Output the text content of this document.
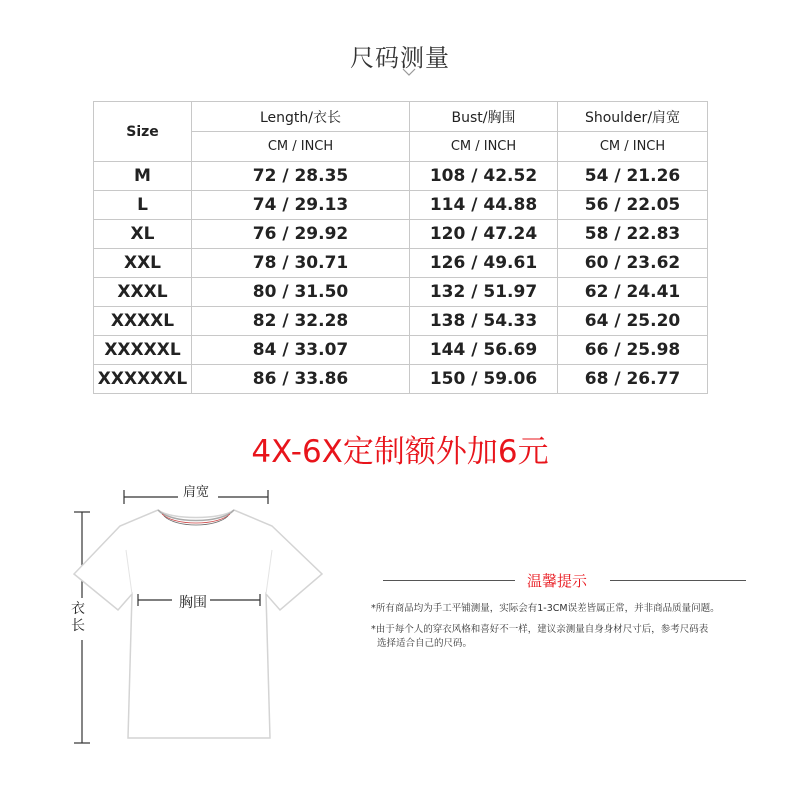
尺码测量
Size	Length/衣长	Bust/胸围	Shoulder/肩宽
	CM / INCH	CM / INCH	CM / INCH
M	72 / 28.35	108 / 42.52	54 / 21.26
L	74 / 29.13	114 / 44.88	56 / 22.05
XL	76 / 29.92	120 / 47.24	58 / 22.83
XXL	78 / 30.71	126 / 49.61	60 / 23.62
XXXL	80 / 31.50	132 / 51.97	62 / 24.41
XXXXL	82 / 32.28	138 / 54.33	64 / 25.20
XXXXXL	84 / 33.07	144 / 56.69	66 / 25.98
XXXXXXL	86 / 33.86	150 / 59.06	68 / 26.77
4X-6X定制额外加6元
肩宽
胸围
衣长
温馨提示
*所有商品均为手工平铺测量，实际会有1-3CM误差皆属正常，并非商品质量问题。
*由于每个人的穿衣风格和喜好不一样，建议亲测量自身身材尺寸后，参考尺码表
选择适合自己的尺码。
